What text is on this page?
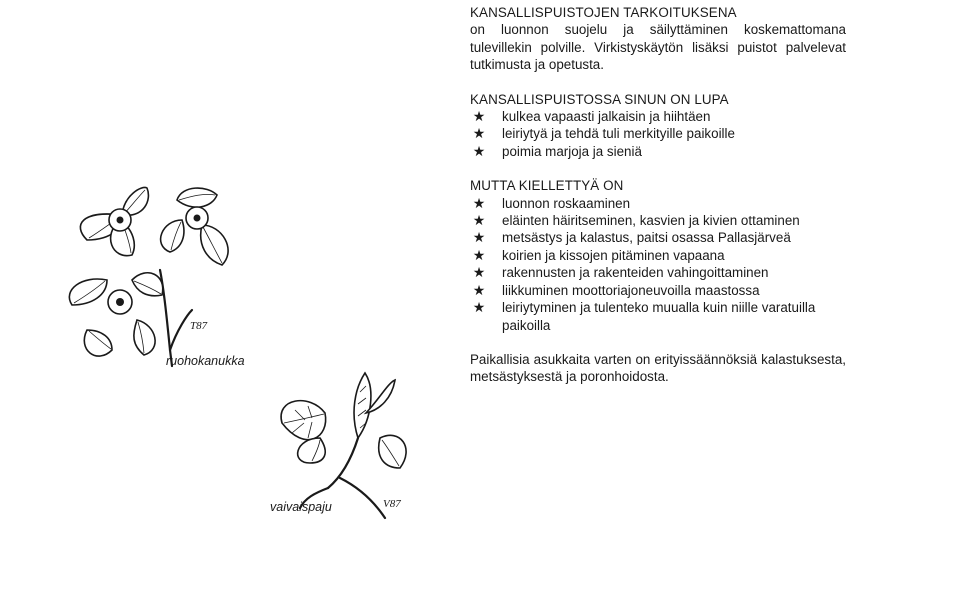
KANSALLISPUISTOJEN TARKOITUKSENA
on luonnon suojelu ja säilyttäminen koskemattomana tulevillekin polville. Virkistyskäytön lisäksi puistot palvelevat tutkimusta ja opetusta.
KANSALLISPUISTOSSA SINUN ON LUPA
★ kulkea vapaasti jalkaisin ja hiihtäen
★ leiriytyä ja tehdä tuli merkityille paikoille
★ poimia marjoja ja sieniä
MUTTA KIELLETTYÄ ON
★ luonnon roskaaminen
★ eläinten häiritseminen, kasvien ja kivien ottaminen
★ metsästys ja kalastus, paitsi osassa Pallasjärveä
★ koirien ja kissojen pitäminen vapaana
★ rakennusten ja rakenteiden vahingoittaminen
★ liikkuminen moottoriajoneuvoilla maastossa
★ leiriytyminen ja tulenteko muualla kuin niille varatuilla paikoilla
Paikallisia asukkaita varten on erityissäännöksiä kalastuksesta, metsästyksestä ja poronhoidosta.
T87
ruohokanukka
vaivaispaju	V87
